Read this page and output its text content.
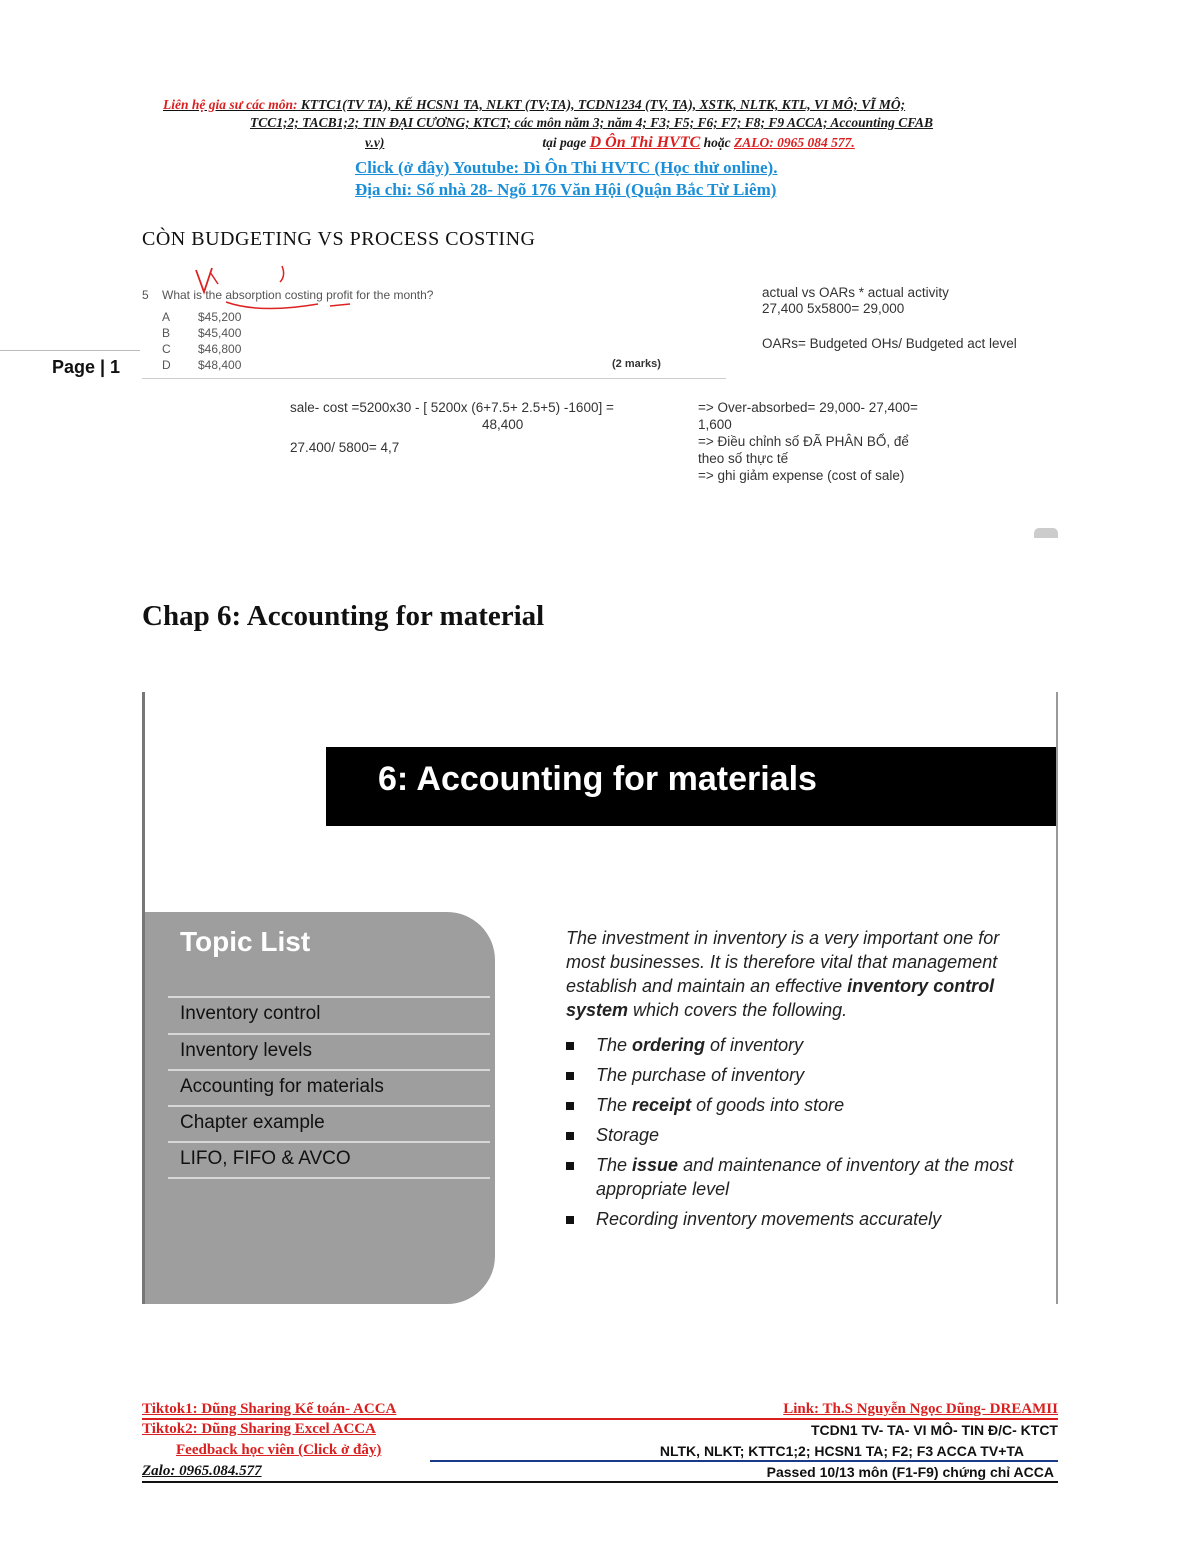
Liên hệ gia sư các môn: KTTC1(TV TA), KẾ HCSN1 TA, NLKT (TV;TA), TCDN1234 (TV, TA), XSTK, NLTK, KTL, VI MÔ; VĨ MÔ;
TCC1;2; TACB1;2; TIN ĐẠI CƯƠNG; KTCT; các môn năm 3; năm 4; F3; F5; F6; F7; F8; F9 ACCA; Accounting CFAB
v.v)	tại page D Ôn Thi HVTC hoặc ZALO: 0965 084 577.
Click (ở đây) Youtube: Dì Ôn Thi HVTC (Học thử online).
Địa chỉ: Số nhà 28- Ngõ 176 Văn Hội (Quận Bắc Từ Liêm)
Page | 1
CÒN BUDGETING VS PROCESS COSTING
5 What is the absorption costing profit for the month?
A $45,200
B $45,400
C $46,800
D $48,400	(2 marks)
actual vs OARs * actual activity
27,400 5x5800= 29,000
OARs= Budgeted OHs/ Budgeted act level
sale- cost =5200x30 - [ 5200x (6+7.5+ 2.5+5) -1600] =
48,400
27.400/ 5800= 4,7
=> Over-absorbed= 29,000- 27,400=
1,600
=> Điều chỉnh số ĐÃ PHÂN BỔ, để
theo số thực tế
=> ghi giảm expense (cost of sale)
Chap 6: Accounting for material
6: Accounting for materials
Topic List
Inventory control
Inventory levels
Accounting for materials
Chapter example
LIFO, FIFO & AVCO
The investment in inventory is a very important one for most businesses. It is therefore vital that management establish and maintain an effective inventory control system which covers the following.
The ordering of inventory
The purchase of inventory
The receipt of goods into store
Storage
The issue and maintenance of inventory at the most appropriate level
Recording inventory movements accurately
Tiktok1: Dũng Sharing Kế toán- ACCA
Tiktok2: Dũng Sharing Excel ACCA
Feedback học viên (Click ở đây)
Zalo: 0965.084.577
Link: Th.S Nguyễn Ngọc Dũng- DREAMII
TCDN1 TV- TA- VI MÔ- TIN Đ/C- KTCT
NLTK, NLKT; KTTC1;2; HCSN1 TA; F2; F3 ACCA TV+TA
Passed 10/13 môn (F1-F9) chứng chỉ ACCA
